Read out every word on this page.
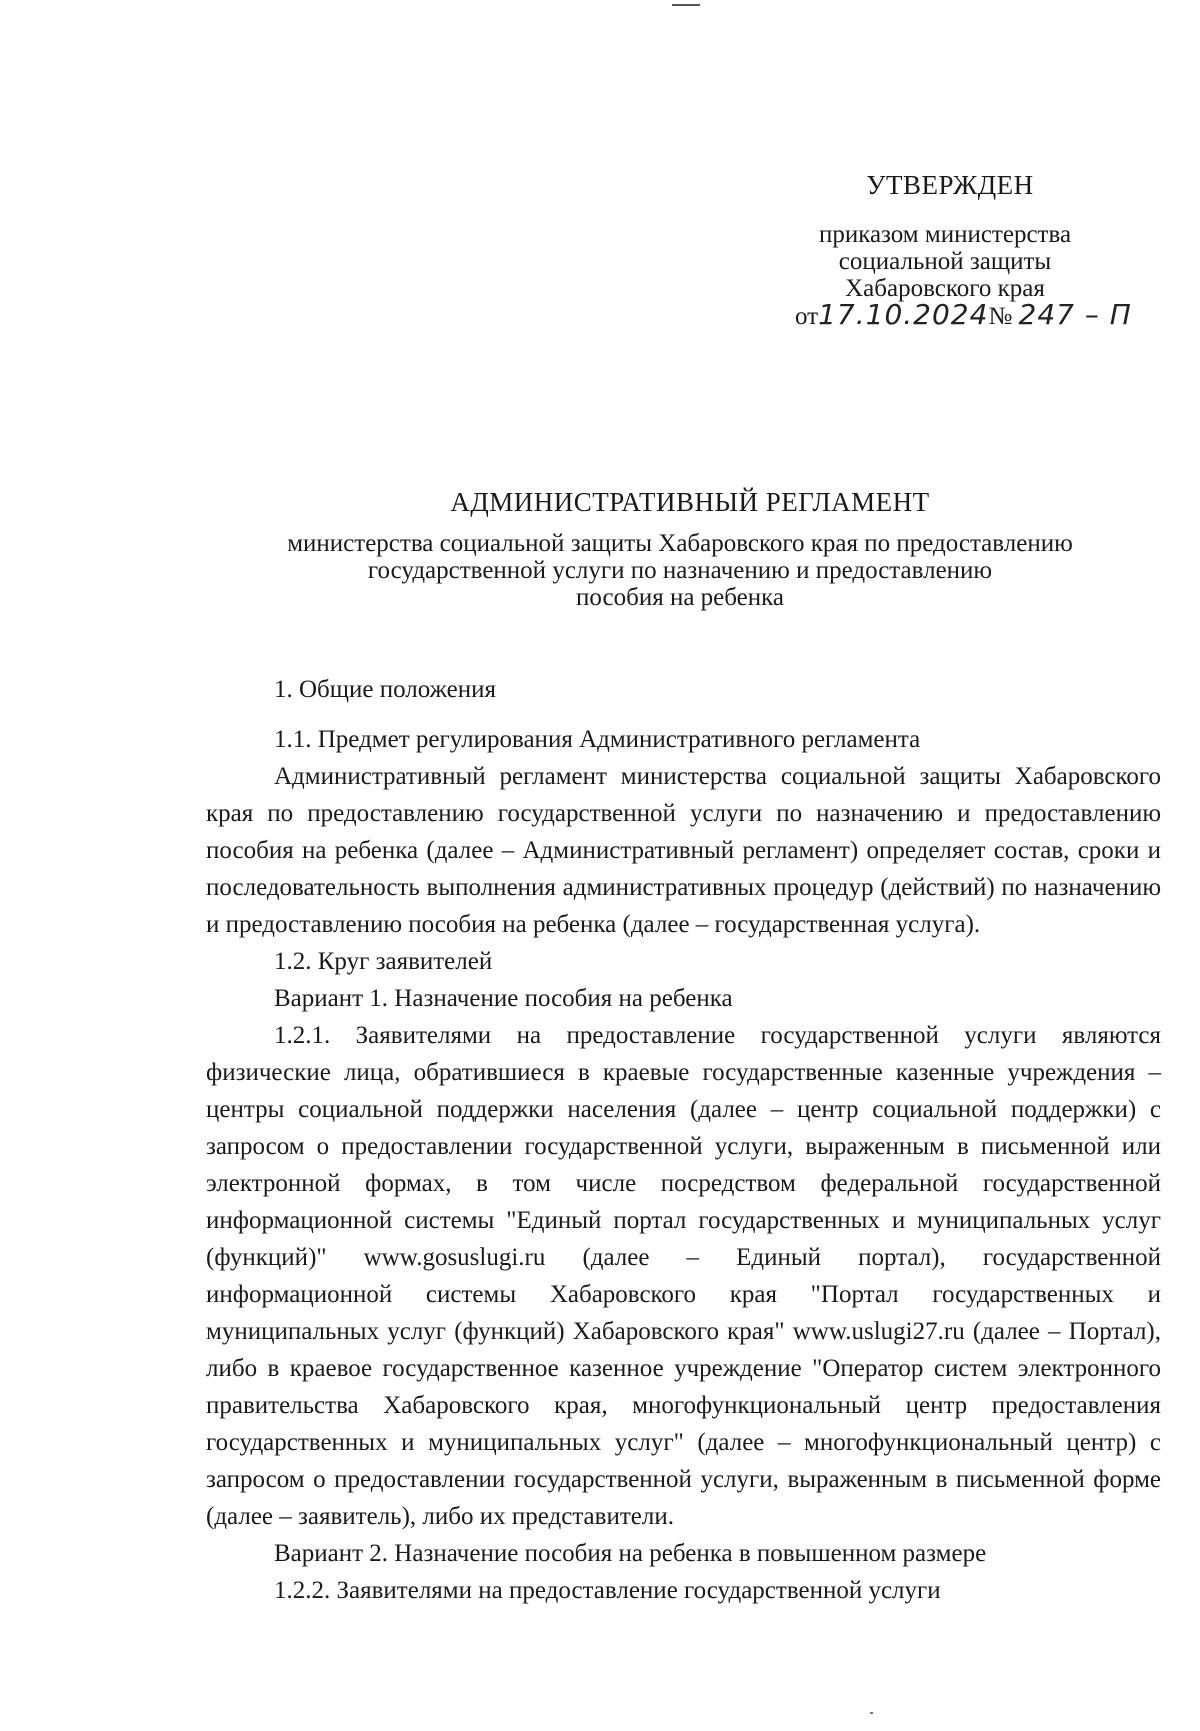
УТВЕРЖДЕН
приказом министерства
социальной защиты
Хабаровского края
от17.10.2024№ 247 – П
АДМИНИСТРАТИВНЫЙ РЕГЛАМЕНТ
министерства социальной защиты Хабаровского края по предоставлению
государственной услуги по назначению и предоставлению
пособия на ребенка

1. Общие положения

1.1. Предмет регулирования Административного регламента

Административный регламент министерства социальной защиты Хабаровского края по предоставлению государственной услуги по назначению и предоставлению пособия на ребенка (далее – Административный регламент) определяет состав, сроки и последовательность выполнения административных процедур (действий) по назначению и предоставлению пособия на ребенка (далее – государственная услуга).

1.2. Круг заявителей

Вариант 1. Назначение пособия на ребенка

1.2.1. Заявителями на предоставление государственной услуги являются физические лица, обратившиеся в краевые государственные казенные учреждения – центры социальной поддержки населения (далее – центр социальной поддержки) с запросом о предоставлении государственной услуги, выраженным в письменной или электронной формах, в том числе посредством федеральной государственной информационной системы "Единый портал государственных и муниципальных услуг (функций)" www.gosuslugi.ru (далее – Единый портал), государственной информационной системы Хабаровского края "Портал государственных и муниципальных услуг (функций) Хабаровского края" www.uslugi27.ru (далее – Портал), либо в краевое государственное казенное учреждение "Оператор систем электронного правительства Хабаровского края, многофункциональный центр предоставления государственных и муниципальных услуг" (далее – многофункциональный центр) с запросом о предоставлении государственной услуги, выраженным в письменной форме (далее – заявитель), либо их представители.

Вариант 2. Назначение пособия на ребенка в повышенном размере

1.2.2. Заявителями на предоставление государственной услуги
